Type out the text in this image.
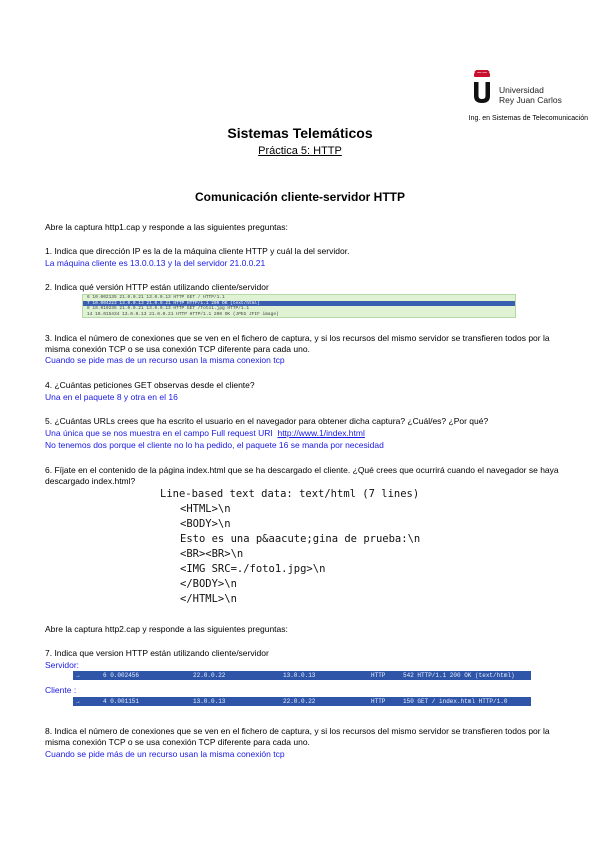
Universidad
Rey Juan Carlos
Ing. en Sistemas de Telecomunicación
Sistemas Telemáticos
Práctica 5: HTTP
Comunicación cliente-servidor HTTP
Abre la captura http1.cap y responde a las siguientes preguntas:
1. Indica que dirección IP es la de la máquina cliente HTTP y cuál la del servidor.
La máquina cliente es 13.0.0.13 y la del servidor 21.0.0.21
2. Indica qué versión HTTP están utilizando cliente/servidor
6 10.002135 21.0.0.21 13.0.0.13 HTTP GET / HTTP/1.1
7 10.004223 13.0.0.13 21.0.0.21 HTTP HTTP/1.1 200 OK (text/html)
8 10.010235 21.0.0.21 13.0.0.13 HTTP GET /foto1.jpg HTTP/1.1
14 10.015434 13.0.0.13 21.0.0.21 HTTP HTTP/1.1 200 OK (JPEG JFIF image)
3. Indica el número de conexiones que se ven en el fichero de captura, y si los recursos del mismo servidor se transfieren todos por la misma conexión TCP o se usa conexión TCP diferente para cada uno.
Cuando se pide mas de un recurso usan la misma conexion tcp
4. ¿Cuántas peticiones GET observas desde el cliente?
Una en el paquete 8 y otra en el 16
5. ¿Cuántas URLs crees que ha escrito el usuario en el navegador para obtener dicha captura? ¿Cuál/es? ¿Por qué?
Una única que se nos muestra en el campo Full request URI http://www.1/index.html
No tenemos dos porque el cliente no lo ha pedido, el paquete 16 se manda por necesidad
6. Fíjate en el contenido de la página index.html que se ha descargado el cliente. ¿Qué crees que ocurrirá cuando el navegador se haya descargado index.html?
Line-based text data: text/html (7 lines)
<HTML>\n
<BODY>\n
Esto es una p&aacute;gina de prueba:\n
<BR><BR>\n
<IMG SRC=./foto1.jpg>\n
</BODY>\n
</HTML>\n
Abre la captura http2.cap y responde a las siguientes preguntas:
7. Indica que version HTTP están utilizando cliente/servidor
Servidor:
→	6 0.002456	22.0.0.22	13.0.0.13	HTTP	542 HTTP/1.1 200 OK (text/html)
Cliente :
→	4 0.001151	13.0.0.13	22.0.0.22	HTTP	150 GET / index.html HTTP/1.0
8. Indica el número de conexiones que se ven en el fichero de captura, y si los recursos del mismo servidor se transfieren todos por la misma conexión TCP o se usa conexión TCP diferente para cada uno.
Cuando se pide más de un recurso usan la misma conexión tcp
